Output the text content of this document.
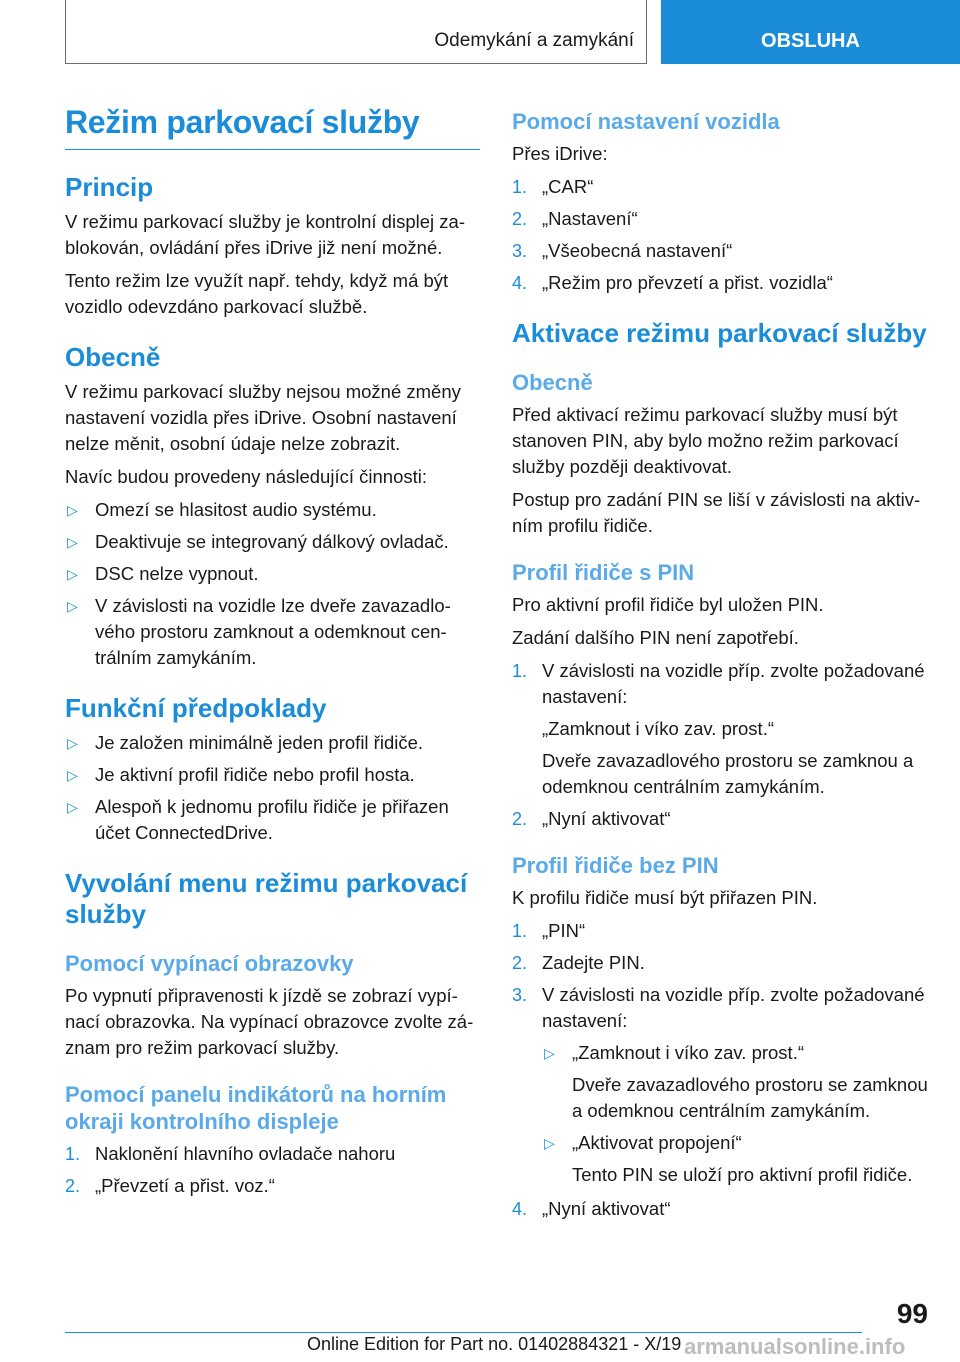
Odemykání a zamykání	OBSLUHA
Režim parkovací služby
Princip

V režimu parkovací služby je kontrolní displej zablokován, ovládání přes iDrive již není možné.

Tento režim lze využít např. tehdy, když má být vozidlo odevzdáno parkovací službě.

Obecně

V režimu parkovací služby nejsou možné změny nastavení vozidla přes iDrive. Osobní nastavení nelze měnit, osobní údaje nelze zobrazit.

Navíc budou provedeny následující činnosti:

▷ Omezí se hlasitost audio systému.
▷ Deaktivuje se integrovaný dálkový ovladač.
▷ DSC nelze vypnout.
▷ V závislosti na vozidle lze dveře zavazadlového prostoru zamknout a odemknout centrálním zamykáním.
Funkční předpoklady
▷ Je založen minimálně jeden profil řidiče.
▷ Je aktivní profil řidiče nebo profil hosta.
▷ Alespoň k jednomu profilu řidiče je přiřazen účet ConnectedDrive.
Vyvolání menu režimu parkovací služby
Pomocí vypínací obrazovky

Po vypnutí připravenosti k jízdě se zobrazí vypínací obrazovka. Na vypínací obrazovce zvolte záznam pro režim parkovací služby.

Pomocí panelu indikátorů na horním okraji kontrolního displeje
1. Naklonění hlavního ovladače nahoru
2. „Převzetí a přist. voz.“
Pomocí nastavení vozidla

Přes iDrive:

1. „CAR“
2. „Nastavení“
3. „Všeobecná nastavení“
4. „Režim pro převzetí a přist. vozidla“
Aktivace režimu parkovací služby
Obecně

Před aktivací režimu parkovací služby musí být stanoven PIN, aby bylo možno režim parkovací služby později deaktivovat.

Postup pro zadání PIN se liší v závislosti na aktivním profilu řidiče.

Profil řidiče s PIN

Pro aktivní profil řidiče byl uložen PIN.

Zadání dalšího PIN není zapotřebí.

1. V závislosti na vozidle příp. zvolte požadované nastavení:

„Zamknout i víko zav. prost.“

Dveře zavazadlového prostoru se zamknou a odemknou centrálním zamykáním.

2. „Nyní aktivovat“
Profil řidiče bez PIN

K profilu řidiče musí být přiřazen PIN.

1. „PIN“
2. Zadejte PIN.
3. V závislosti na vozidle příp. zvolte požadované nastavení:
▷ „Zamknout i víko zav. prost.“

Dveře zavazadlového prostoru se zamknou a odemknou centrálním zamykáním.

▷ „Aktivovat propojení“

Tento PIN se uloží pro aktivní profil řidiče.

4. „Nyní aktivovat“
99
Online Edition for Part no. 01402884321 - X/19 armanualsonline.info
